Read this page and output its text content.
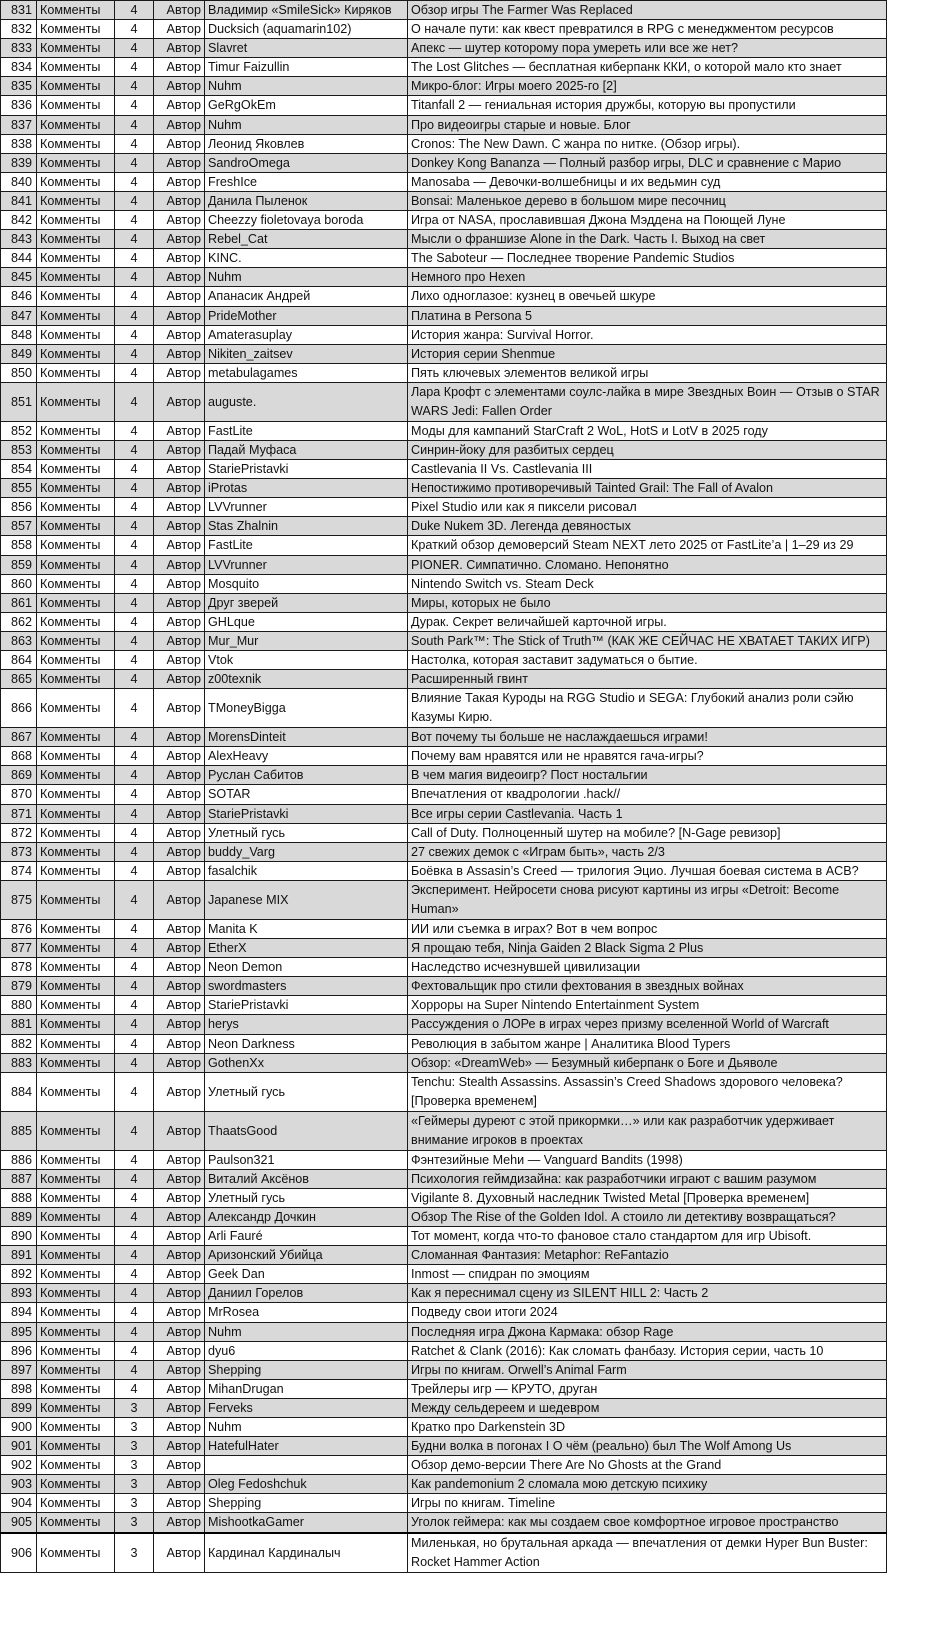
831	Комменты	4	Автор	Владимир «SmileSick» Киряков	Обзор игры The Farmer Was Replaced
832	Комменты	4	Автор	Ducksich (aquamarin102)	О начале пути: как квест превратился в RPG с менеджментом ресурсов
833	Комменты	4	Автор	Slavret	Апекс — шутер которому пора умереть или все же нет?
834	Комменты	4	Автор	Timur Faizullin	The Lost Glitches — бесплатная киберпанк ККИ, о которой мало кто знает
835	Комменты	4	Автор	Nuhm	Микро-блог: Игры моего 2025-го [2]
836	Комменты	4	Автор	GeRgOkEm	Titanfall 2 — гениальная история дружбы, которую вы пропустили
837	Комменты	4	Автор	Nuhm	Про видеоигры старые и новые. Блог
838	Комменты	4	Автор	Леонид Яковлев	Cronos: The New Dawn. С жанра по нитке. (Обзор игры).
839	Комменты	4	Автор	SandroOmega	Donkey Kong Bananza — Полный разбор игры, DLC и сравнение с Марио
840	Комменты	4	Автор	FreshIce	Manosaba — Девочки-волшебницы и их ведьмин суд
841	Комменты	4	Автор	Данила Пыленок	Bonsai: Маленькое дерево в большом мире песочниц
842	Комменты	4	Автор	Cheezzy fioletovaya boroda	Игра от NASA, прославившая Джона Мэддена на Поющей Луне
843	Комменты	4	Автор	Rebel_Cat	Мысли о франшизе Alone in the Dark. Часть I. Выход на свет
844	Комменты	4	Автор	KINC.	The Saboteur — Последнее творение Pandemic Studios
845	Комменты	4	Автор	Nuhm	Немного про Hexen
846	Комменты	4	Автор	Апанасик Андрей	Лихо одноглазое: кузнец в овечьей шкуре
847	Комменты	4	Автор	PrideMother	Платина в Persona 5
848	Комменты	4	Автор	Amaterasuplay	История жанра: Survival Horror.
849	Комменты	4	Автор	Nikiten_zaitsev	История серии Shenmue
850	Комменты	4	Автор	metabulagames	Пять ключевых элементов великой игры
851	Комменты	4	Автор	auguste.	Лара Крофт с элементами соулс-лайка в мире Звездных Воин — Отзыв о STAR WARS Jedi: Fallen Order
852	Комменты	4	Автор	FastLite	Моды для кампаний StarCraft 2 WoL, HotS и LotV в 2025 году
853	Комменты	4	Автор	Падай Муфаса	Синрин-йоку для разбитых сердец
854	Комменты	4	Автор	StariePristavki	Castlevania II Vs. Castlevania III
855	Комменты	4	Автор	iProtas	Непостижимо противоречивый Tainted Grail: The Fall of Avalon
856	Комменты	4	Автор	LVVrunner	Pixel Studio или как я пиксели рисовал
857	Комменты	4	Автор	Stas Zhalnin	Duke Nukem 3D. Легенда девяностых
858	Комменты	4	Автор	FastLite	Краткий обзор демоверсий Steam NEXT лето 2025 от FastLite’a | 1–29 из 29
859	Комменты	4	Автор	LVVrunner	PIONER. Симпатично. Сломано. Непонятно
860	Комменты	4	Автор	Mosquito	Nintendo Switch vs. Steam Deck
861	Комменты	4	Автор	Друг зверей	Миры, которых не было
862	Комменты	4	Автор	GHLque	Дурак. Секрет величайшей карточной игры.
863	Комменты	4	Автор	Mur_Mur	South Park™: The Stick of Truth™ (КАК ЖЕ СЕЙЧАС НЕ ХВАТАЕТ ТАКИХ ИГР)
864	Комменты	4	Автор	Vtok	Настолка, которая заставит задуматься о бытие.
865	Комменты	4	Автор	z00texnik	Расширенный гвинт
866	Комменты	4	Автор	TMoneyBigga	Влияние Такая Куроды на RGG Studio и SEGA: Глубокий анализ роли сэйю Казумы Кирю.
867	Комменты	4	Автор	MorensDinteit	Вот почему ты больше не наслаждаешься играми!
868	Комменты	4	Автор	AlexHeavy	Почему вам нравятся или не нравятся гача-игры?
869	Комменты	4	Автор	Руслан Сабитов	В чем магия видеоигр? Пост ностальгии
870	Комменты	4	Автор	SOTAR	Впечатления от квадрологии .hack//
871	Комменты	4	Автор	StariePristavki	Все игры серии Castlevania. Часть 1
872	Комменты	4	Автор	Улетный гусь	Call of Duty. Полноценный шутер на мобиле? [N-Gage ревизор]
873	Комменты	4	Автор	buddy_Varg	27 свежих демок с «Играм быть», часть 2/3
874	Комменты	4	Автор	fasalchik	Боёвка в Assasin’s Creed — трилогия Эцио. Лучшая боевая система в ACB?
875	Комменты	4	Автор	Japanese MIX	Эксперимент. Нейросети снова рисуют картины из игры «Detroit: Become Human»
876	Комменты	4	Автор	Manita K	ИИ или съемка в играх? Вот в чем вопрос
877	Комменты	4	Автор	EtherX	Я прощаю тебя, Ninja Gaiden 2 Black Sigma 2 Plus
878	Комменты	4	Автор	Neon Demon	Наследство исчезнувшей цивилизации
879	Комменты	4	Автор	swordmasters	Фехтовальщик про стили фехтования в звездных войнах
880	Комменты	4	Автор	StariePristavki	Хорроры на Super Nintendo Entertainment System
881	Комменты	4	Автор	herys	Рассуждения о ЛОРе в играх через призму вселенной World of Warcraft
882	Комменты	4	Автор	Neon Darkness	Революция в забытом жанре | Аналитика Blood Typers
883	Комменты	4	Автор	GothenXx	Обзор: «DreamWeb» — Безумный киберпанк о Боге и Дьяволе
884	Комменты	4	Автор	Улетный гусь	Tenchu: Stealth Assassins. Assassin’s Creed Shadows здорового человека? [Проверка временем]
885	Комменты	4	Автор	ThaatsGood	«Геймеры дуреют с этой прикормки…» или как разработчик удерживает внимание игроков в проектах
886	Комменты	4	Автор	Paulson321	Фэнтезийные Mehи — Vanguard Bandits (1998)
887	Комменты	4	Автор	Виталий Аксёнов	Психология геймдизайна: как разработчики играют с вашим разумом
888	Комменты	4	Автор	Улетный гусь	Vigilante 8. Духовный наследник Twisted Metal [Проверка временем]
889	Комменты	4	Автор	Александр Дочкин	Обзор The Rise of the Golden Idol. А стоило ли детективу возвращаться?
890	Комменты	4	Автор	Arli Fauré	Тот момент, когда что-то фановое стало стандартом для игр Ubisoft.
891	Комменты	4	Автор	Аризонский Убийца	Сломанная Фантазия: Metaphor: ReFantazio
892	Комменты	4	Автор	Geek Dan	Inmost — спидран по эмоциям
893	Комменты	4	Автор	Даниил Горелов	Как я переснимал сцену из SILENT HILL 2: Часть 2
894	Комменты	4	Автор	MrRosea	Подведу свои итоги 2024
895	Комменты	4	Автор	Nuhm	Последняя игра Джона Кармака: обзор Rage
896	Комменты	4	Автор	dyu6	Ratchet & Clank (2016): Как сломать фанбазу. История серии, часть 10
897	Комменты	4	Автор	Shepping	Игры по книгам. Orwell’s Animal Farm
898	Комменты	4	Автор	MihanDrugan	Трейлеры игр — КРУТО, друган
899	Комменты	3	Автор	Ferveks	Между сельдереем и шедевром
900	Комменты	3	Автор	Nuhm	Кратко про Darkenstein 3D
901	Комменты	3	Автор	HatefulHater	Будни волка в погонах I О чём (реально) был The Wolf Among Us
902	Комменты	3	Автор		Обзор демо-версии There Are No Ghosts at the Grand
903	Комменты	3	Автор	Oleg Fedoshchuk	Как pandemonium 2 сломала мою детскую психику
904	Комменты	3	Автор	Shepping	Игры по книгам. Timeline
905	Комменты	3	Автор	MishootkaGamer	Уголок геймера: как мы создаем свое комфортное игровое пространство
906	Комменты	3	Автор	Кардинал Кардиналыч	Миленькая, но брутальная аркада — впечатления от демки Hyper Bun Buster: Rocket Hammer Action
